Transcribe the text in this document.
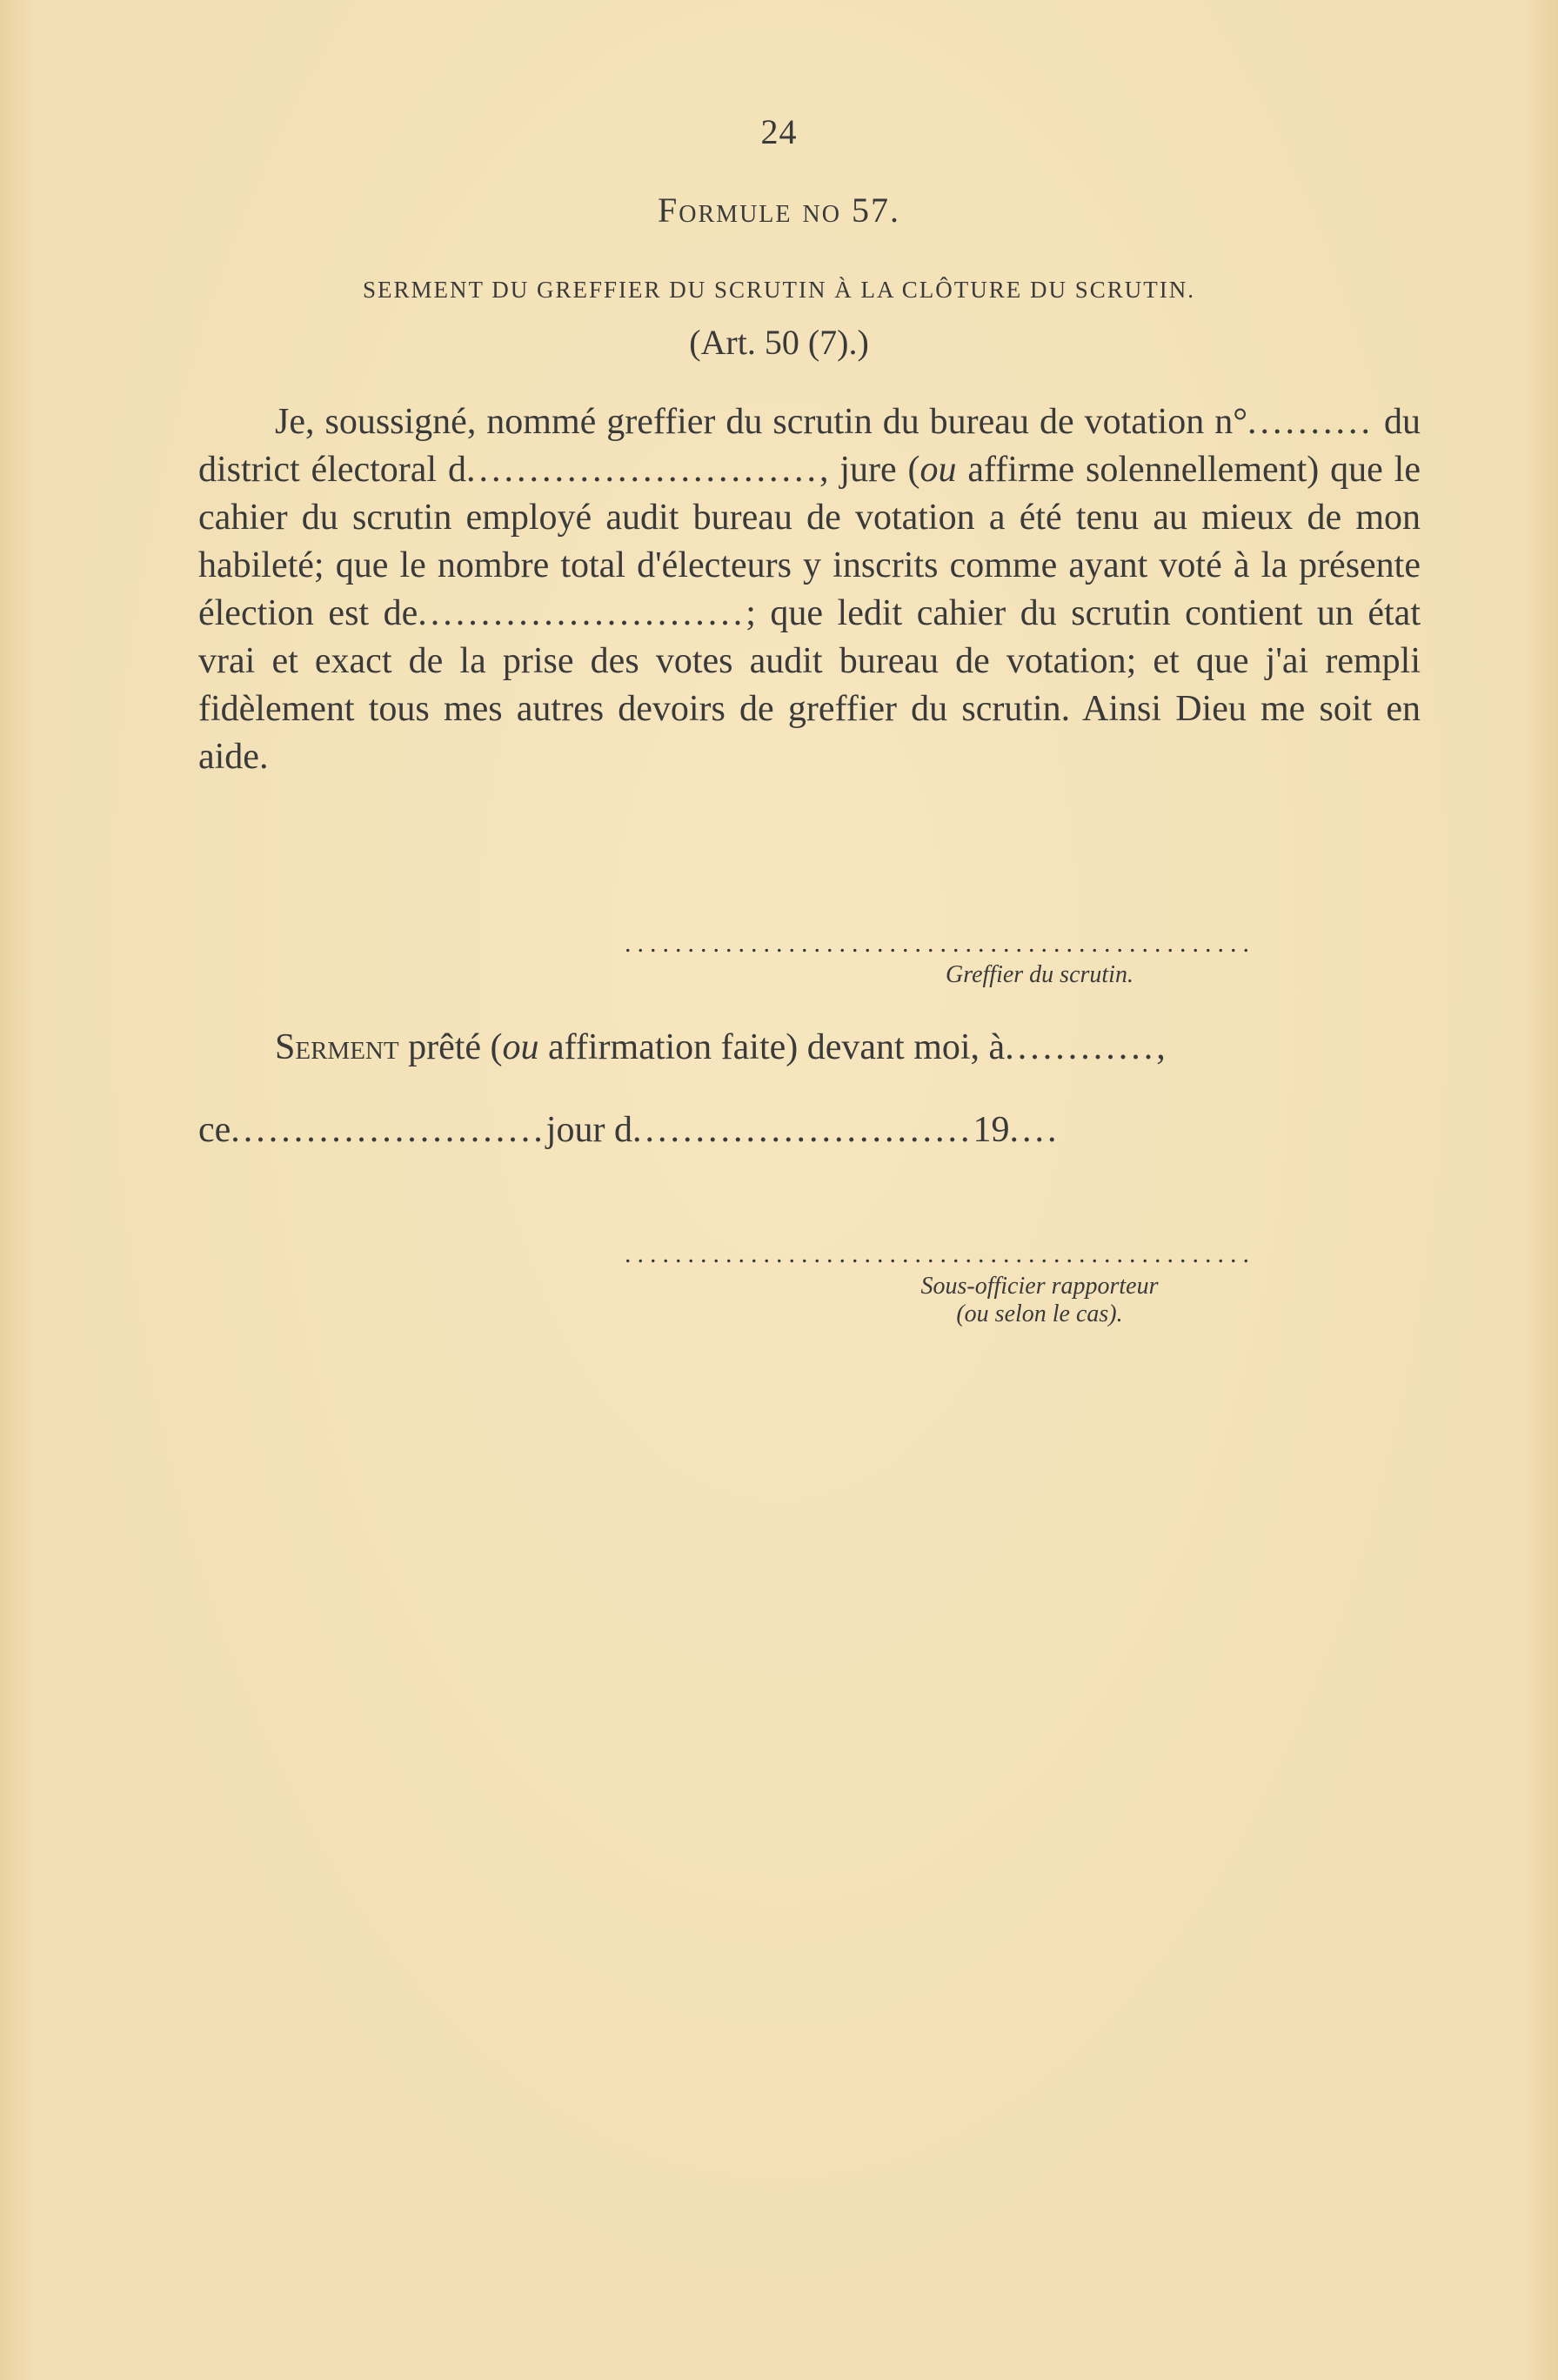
24
Formule no 57.
SERMENT DU GREFFIER DU SCRUTIN À LA CLÔTURE DU SCRUTIN.
(Art. 50 (7).)

Je, soussigné, nommé greffier du scrutin du bureau de votation n°.......... du district électoral d............................, jure (ou affirme solennellement) que le cahier du scrutin employé audit bureau de votation a été tenu au mieux de mon habileté; que le nombre total d'électeurs y inscrits comme ayant voté à la présente élection est de..........................; que ledit cahier du scrutin contient un état vrai et exact de la prise des votes audit bureau de votation; et que j'ai rempli fidèlement tous mes autres devoirs de greffier du scrutin. Ainsi Dieu me soit en aide.

..................................................
Greffier du scrutin.
Serment prêté (ou affirmation faite) devant moi, à............,
ce.........................jour d...........................19....
..................................................
Sous-officier rapporteur
(ou selon le cas).
